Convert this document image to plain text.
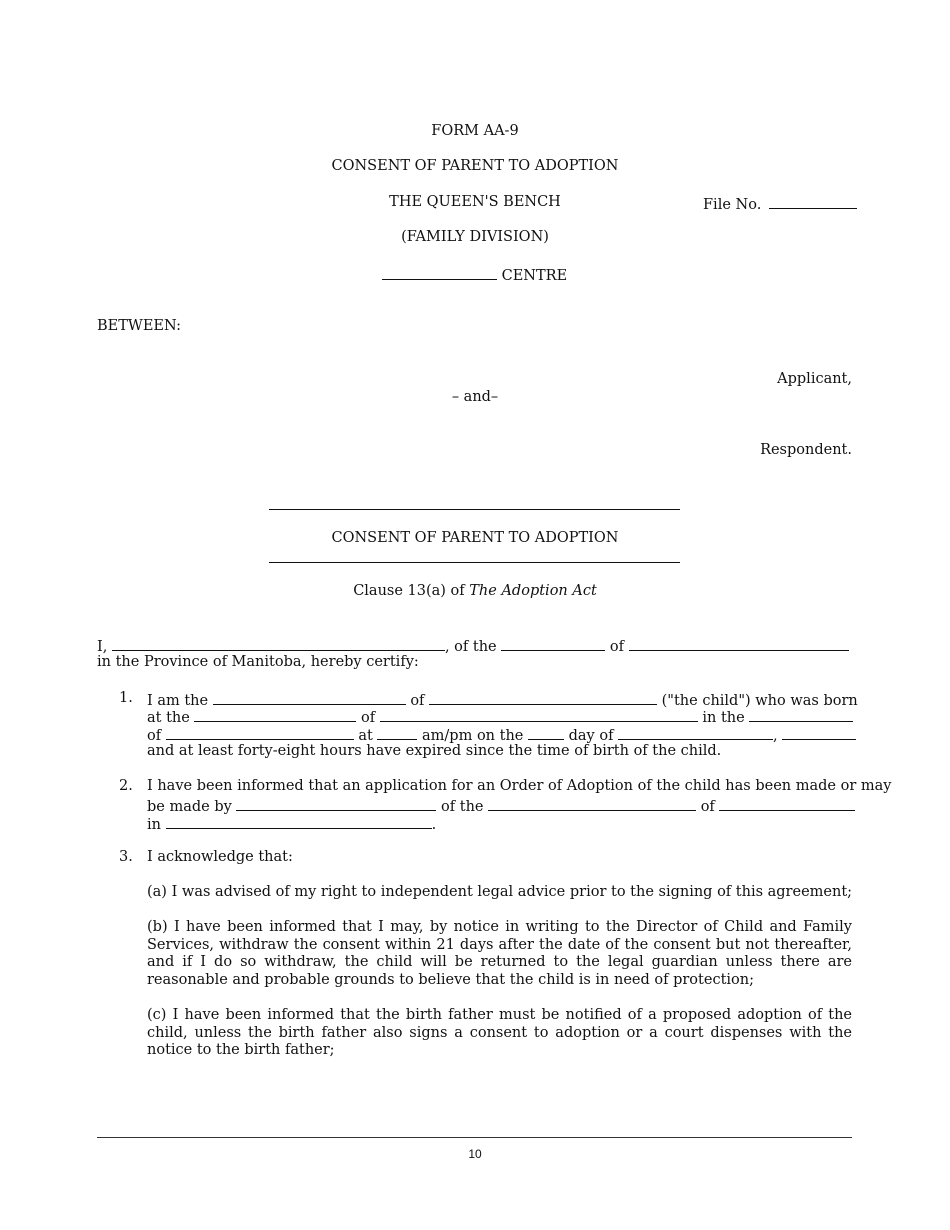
FORM AA-9
CONSENT OF PARENT TO ADOPTION
THE QUEEN'S BENCH	File No.
(FAMILY DIVISION)
CENTRE
BETWEEN:
Applicant,
– and–
Respondent.
CONSENT OF PARENT TO ADOPTION
Clause 13(a) of The Adoption Act
I,	, of the	of
in the Province of Manitoba, hereby certify:
1. I am the	of	("the child") who was born
at the	of	in the
of	at	am/pm on the	day of	,
and at least forty-eight hours have expired since the time of birth of the child.
2. I have been informed that an application for an Order of Adoption of the child has been made or may
be made by	of the	of
in	.
3. I acknowledge that:
(a) I was advised of my right to independent legal advice prior to the signing of this agreement;
(b) I have been informed that I may, by notice in writing to the Director of Child and Family Services, withdraw the consent within 21 days after the date of the consent but not thereafter, and if I do so withdraw, the child will be returned to the legal guardian unless there are reasonable and probable grounds to believe that the child is in need of protection;
(c) I have been informed that the birth father must be notified of a proposed adoption of the child, unless the birth father also signs a consent to adoption or a court dispenses with the notice to the birth father;
10
